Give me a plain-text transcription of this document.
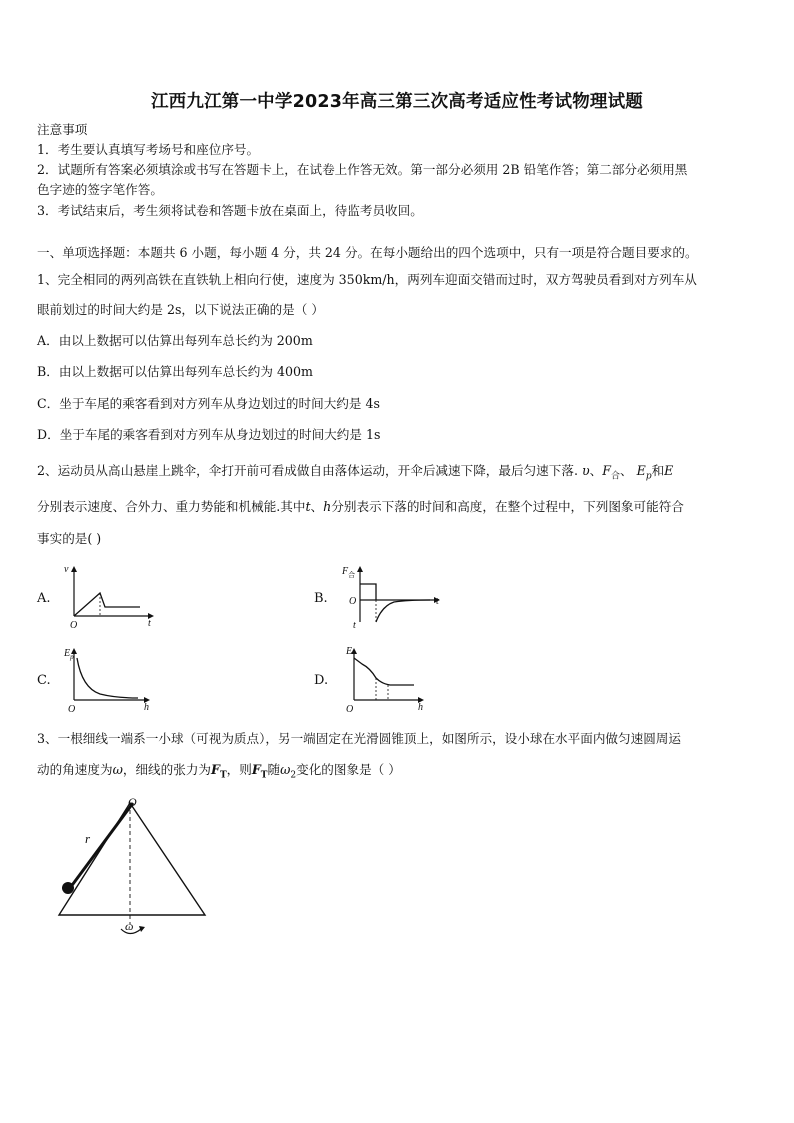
江西九江第一中学2023年高三第三次高考适应性考试物理试题
注意事项
1．考生要认真填写考场号和座位序号。
2．试题所有答案必须填涂或书写在答题卡上，在试卷上作答无效。第一部分必须用 2B 铅笔作答；第二部分必须用黑
色字迹的签字笔作答。
3．考试结束后，考生须将试卷和答题卡放在桌面上，待监考员收回。
一、单项选择题：本题共 6 小题，每小题 4 分，共 24 分。在每小题给出的四个选项中，只有一项是符合题目要求的。
1、完全相同的两列高铁在直铁轨上相向行使，速度为 350km/h，两列车迎面交错而过时，双方驾驶员看到对方列车从
眼前划过的时间大约是 2s，以下说法正确的是（ ）
A．由以上数据可以估算出每列车总长约为 200m
B．由以上数据可以估算出每列车总长约为 400m
C．坐于车尾的乘客看到对方列车从身边划过的时间大约是 4s
D．坐于车尾的乘客看到对方列车从身边划过的时间大约是 1s
2、运动员从高山悬崖上跳伞，伞打开前可看成做自由落体运动，开伞后减速下降，最后匀速下落. υ、$F_合$、 $E_p$和E
分别表示速度、合外力、重力势能和机械能.其中t、h分别表示下落的时间和高度，在整个过程中，下列图象可能符合
事实的是( )
A.
v
t
O
B.
$F_合$
t
O
t
C.
$E_p$
h
O
D.
E
h
O
3、一根细线一端系一小球（可视为质点），另一端固定在光滑圆锥顶上，如图所示，设小球在水平面内做匀速圆周运
动的角速度为ω，细线的张力为$F_T$，则$F_T$随$\omega_2$变化的图象是（ ）
O
r
ω
